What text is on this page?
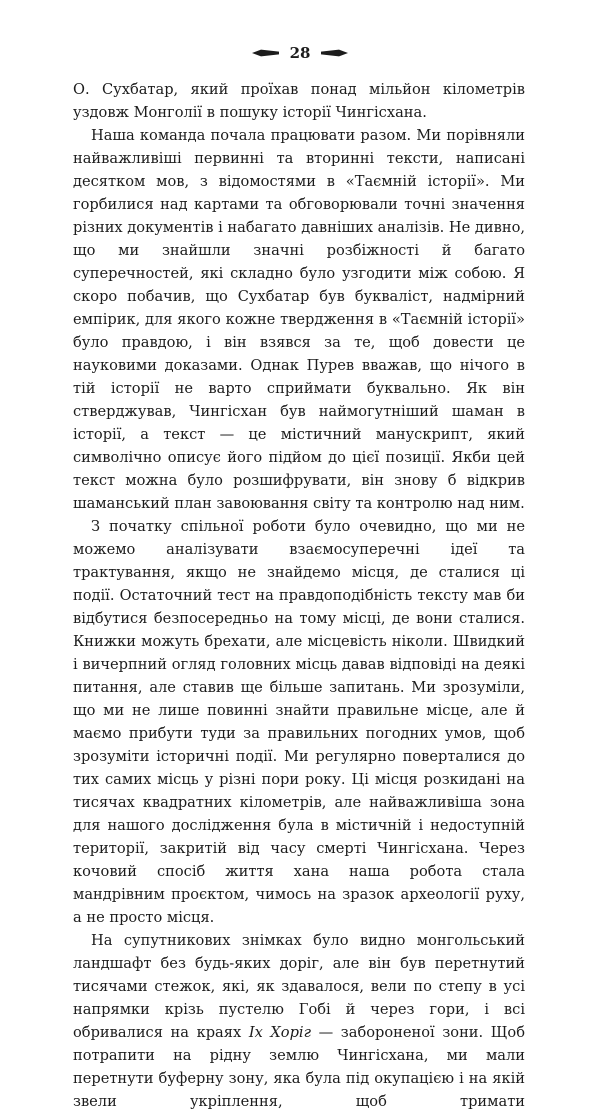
28

О. Сухбатар, який проїхав понад мільйон кілометрів уздовж Монголії в пошуку історії Чингісхана.

Наша команда почала працювати разом. Ми порівняли найважливіші первинні та вторинні тексти, написані десятком мов, з відомостями в «Таємній історії». Ми горбилися над картами та обговорювали точні значення різних документів і набагато давніших аналізів. Не дивно, що ми знайшли значні розбіжності й багато суперечностей, які складно було узгодити між собою. Я скоро побачив, що Сухбатар був букваліст, надмірний емпірик, для якого кожне твердження в «Таємній історії» було правдою, і він взявся за те, щоб довести це науковими доказами. Однак Пурев вважав, що нічого в тій історії не варто сприймати буквально. Як він стверджував, Чингісхан був наймогутніший шаман в історії, а текст — це містичний манускрипт, який символічно описує його підйом до цієї позиції. Якби цей текст можна було розшифрувати, він знову б відкрив шаманський план завоювання світу та контролю над ним.

З початку спільної роботи було очевидно, що ми не можемо аналізувати взаємосуперечні ідеї та трактування, якщо не знайдемо місця, де сталися ці події. Остаточний тест на правдоподібність тексту мав би відбутися безпосередньо на тому місці, де вони сталися. Книжки можуть брехати, але місцевість ніколи. Швидкий і вичерпний огляд головних місць давав відповіді на деякі питання, але ставив ще більше запитань. Ми зрозуміли, що ми не лише повинні знайти правильне місце, але й маємо прибути туди за правильних погодних умов, щоб зрозуміти історичні події. Ми регулярно поверталися до тих самих місць у різні пори року. Ці місця розкидані на тисячах квадратних кілометрів, але найважливіша зона для нашого дослідження була в містичній і недоступній території, закритій від часу смерті Чингісхана. Через кочовий спосіб життя хана наша робота стала мандрівним проєктом, чимось на зразок археології руху, а не просто місця.

На супутникових знімках було видно монгольський ландшафт без будь-яких доріг, але він був перетнутий тисячами стежок, які, як здавалося, вели по степу в усі напрямки крізь пустелю Гобі й через гори, і всі обривалися на краях Іх Хоріг — забороненої зони. Щоб потрапити на рідну землю Чингісхана, ми мали перетнути буферну зону, яка була під окупацією і на якій звели укріплення, щоб тримати
